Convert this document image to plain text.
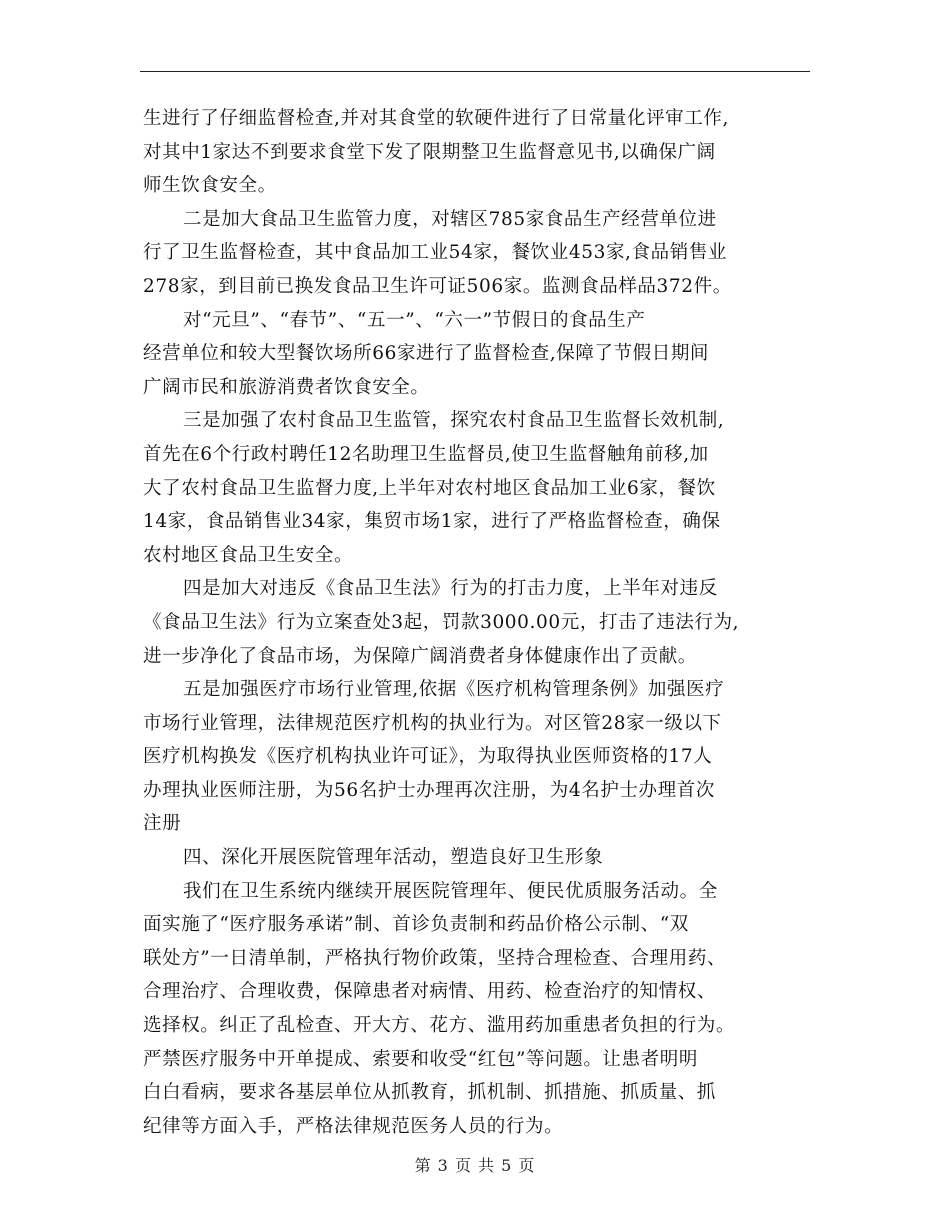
生进行了仔细监督检查,并对其食堂的软硬件进行了日常量化评审工作,
对其中1家达不到要求食堂下发了限期整卫生监督意见书,以确保广阔
师生饮食安全。
二是加大食品卫生监管力度，对辖区785家食品生产经营单位进
行了卫生监督检查，其中食品加工业54家，餐饮业453家,食品销售业
278家，到目前已换发食品卫生许可证506家。监测食品样品372件。
对“元旦”、“春节”、“五一”、“六一”节假日的食品生产
经营单位和较大型餐饮场所66家进行了监督检查,保障了节假日期间
广阔市民和旅游消费者饮食安全。
三是加强了农村食品卫生监管，探究农村食品卫生监督长效机制,
首先在6个行政村聘任12名助理卫生监督员,使卫生监督触角前移,加
大了农村食品卫生监督力度,上半年对农村地区食品加工业6家，餐饮
14家，食品销售业34家，集贸市场1家，进行了严格监督检查，确保
农村地区食品卫生安全。
四是加大对违反《食品卫生法》行为的打击力度，上半年对违反
《食品卫生法》行为立案查处3起，罚款3000.00元，打击了违法行为,
进一步净化了食品市场，为保障广阔消费者身体健康作出了贡献。
五是加强医疗市场行业管理,依据《医疗机构管理条例》加强医疗
市场行业管理，法律规范医疗机构的执业行为。对区管28家一级以下
医疗机构换发《医疗机构执业许可证》，为取得执业医师资格的17人
办理执业医师注册，为56名护士办理再次注册，为4名护士办理首次
注册
四、深化开展医院管理年活动，塑造良好卫生形象
我们在卫生系统内继续开展医院管理年、便民优质服务活动。全
面实施了“医疗服务承诺”制、首诊负责制和药品价格公示制、“双
联处方”一日清单制，严格执行物价政策，坚持合理检查、合理用药、
合理治疗、合理收费，保障患者对病情、用药、检查治疗的知情权、
选择权。纠正了乱检查、开大方、花方、滥用药加重患者负担的行为。
严禁医疗服务中开单提成、索要和收受“红包”等问题。让患者明明
白白看病，要求各基层单位从抓教育，抓机制、抓措施、抓质量、抓
纪律等方面入手，严格法律规范医务人员的行为。
第 3 页 共 5 页
